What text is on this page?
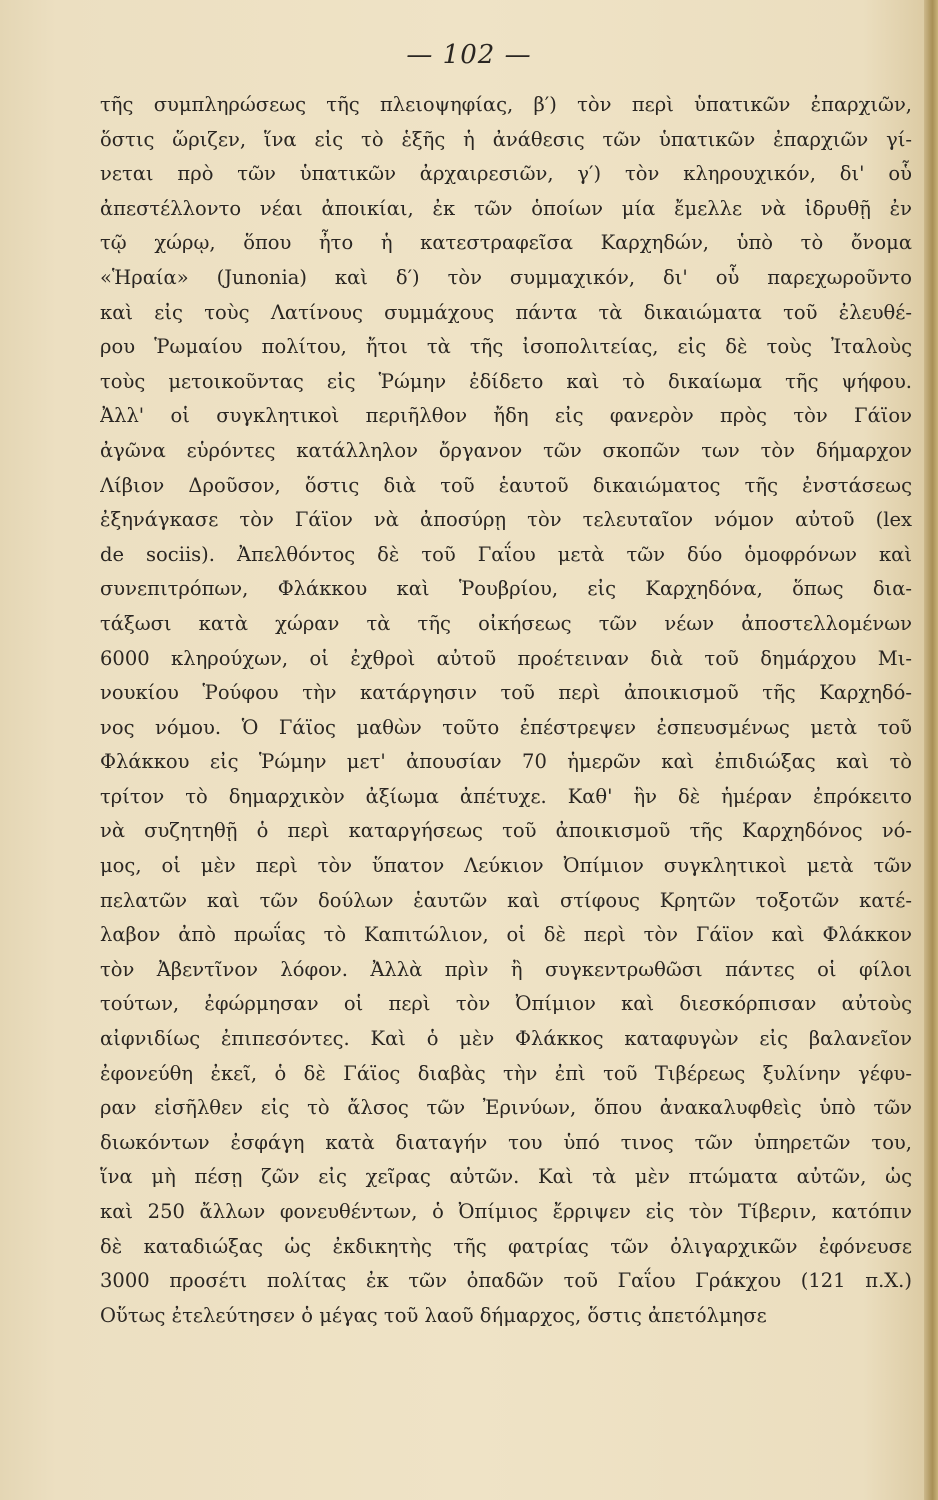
— 102 —
τῆς συμπληρώσεως τῆς πλειοψηφίας, β′) τὸν περὶ ὑπατικῶν ἐπαρχιῶν,
ὅστις ὥριζεν, ἵνα εἰς τὸ ἑξῆς ἡ ἀνάθεσις τῶν ὑπατικῶν ἐπαρχιῶν γί-
νεται πρὸ τῶν ὑπατικῶν ἀρχαιρεσιῶν, γ′) τὸν κληρουχικόν, δι' οὗ
ἀπεστέλλοντο νέαι ἀποικίαι, ἐκ τῶν ὁποίων μία ἔμελλε νὰ ἱδρυθῇ ἐν
τῷ χώρῳ, ὅπου ἦτο ἡ κατεστραφεῖσα Καρχηδών, ὑπὸ τὸ ὄνομα
«Ἡραία» (Junonia) καὶ δ′) τὸν συμμαχικόν, δι' οὗ παρεχωροῦντο
καὶ εἰς τοὺς Λατίνους συμμάχους πάντα τὰ δικαιώματα τοῦ ἐλευθέ-
ρου Ῥωμαίου πολίτου, ἤτοι τὰ τῆς ἰσοπολιτείας, εἰς δὲ τοὺς Ἰταλοὺς
τοὺς μετοικοῦντας εἰς Ῥώμην ἐδίδετο καὶ τὸ δικαίωμα τῆς ψήφου.
Ἀλλ' οἱ συγκλητικοὶ περιῆλθον ἤδη εἰς φανερὸν πρὸς τὸν Γάϊον
ἀγῶνα εὑρόντες κατάλληλον ὄργανον τῶν σκοπῶν των τὸν δήμαρχον
Λίβιον Δροῦσον, ὅστις διὰ τοῦ ἑαυτοῦ δικαιώματος τῆς ἐνστάσεως
ἐξηνάγκασε τὸν Γάϊον νὰ ἀποσύρῃ τὸν τελευταῖον νόμον αὐτοῦ (lex
de sociis). Ἀπελθόντος δὲ τοῦ Γαΐου μετὰ τῶν δύο ὁμοφρόνων καὶ
συνεπιτρόπων, Φλάκκου καὶ Ῥουβρίου, εἰς Καρχηδόνα, ὅπως δια-
τάξωσι κατὰ χώραν τὰ τῆς οἰκήσεως τῶν νέων ἀποστελλομένων
6000 κληρούχων, οἱ ἐχθροὶ αὐτοῦ προέτειναν διὰ τοῦ δημάρχου Μι-
νουκίου Ῥούφου τὴν κατάργησιν τοῦ περὶ ἀποικισμοῦ τῆς Καρχηδό-
νος νόμου. Ὁ Γάϊος μαθὼν τοῦτο ἐπέστρεψεν ἐσπευσμένως μετὰ τοῦ
Φλάκκου εἰς Ῥώμην μετ' ἀπουσίαν 70 ἡμερῶν καὶ ἐπιδιώξας καὶ τὸ
τρίτον τὸ δημαρχικὸν ἀξίωμα ἀπέτυχε. Καθ' ἣν δὲ ἡμέραν ἐπρόκειτο
νὰ συζητηθῇ ὁ περὶ καταργήσεως τοῦ ἀποικισμοῦ τῆς Καρχηδόνος νό-
μος, οἱ μὲν περὶ τὸν ὕπατον Λεύκιον Ὀπίμιον συγκλητικοὶ μετὰ τῶν
πελατῶν καὶ τῶν δούλων ἑαυτῶν καὶ στίφους Κρητῶν τοξοτῶν κατέ-
λαβον ἀπὸ πρωΐας τὸ Καπιτώλιον, οἱ δὲ περὶ τὸν Γάϊον καὶ Φλάκκον
τὸν Ἀβεντῖνον λόφον. Ἀλλὰ πρὶν ἢ συγκεντρωθῶσι πάντες οἱ φίλοι
τούτων, ἐφώρμησαν οἱ περὶ τὸν Ὀπίμιον καὶ διεσκόρπισαν αὐτοὺς
αἰφνιδίως ἐπιπεσόντες. Καὶ ὁ μὲν Φλάκκος καταφυγὼν εἰς βαλανεῖον
ἐφονεύθη ἐκεῖ, ὁ δὲ Γάϊος διαβὰς τὴν ἐπὶ τοῦ Τιβέρεως ξυλίνην γέφυ-
ραν εἰσῆλθεν εἰς τὸ ἄλσος τῶν Ἐρινύων, ὅπου ἀνακαλυφθεὶς ὑπὸ τῶν
διωκόντων ἐσφάγη κατὰ διαταγήν του ὑπό τινος τῶν ὑπηρετῶν του,
ἵνα μὴ πέσῃ ζῶν εἰς χεῖρας αὐτῶν. Καὶ τὰ μὲν πτώματα αὐτῶν, ὡς
καὶ 250 ἄλλων φονευθέντων, ὁ Ὀπίμιος ἔρριψεν εἰς τὸν Τίβεριν, κατόπιν
δὲ καταδιώξας ὡς ἐκδικητὴς τῆς φατρίας τῶν ὀλιγαρχικῶν ἐφόνευσε
3000 προσέτι πολίτας ἐκ τῶν ὀπαδῶν τοῦ Γαΐου Γράκχου (121 π.Χ.)
Οὕτως ἐτελεύτησεν ὁ μέγας τοῦ λαοῦ δήμαρχος, ὅστις ἀπετόλμησε
